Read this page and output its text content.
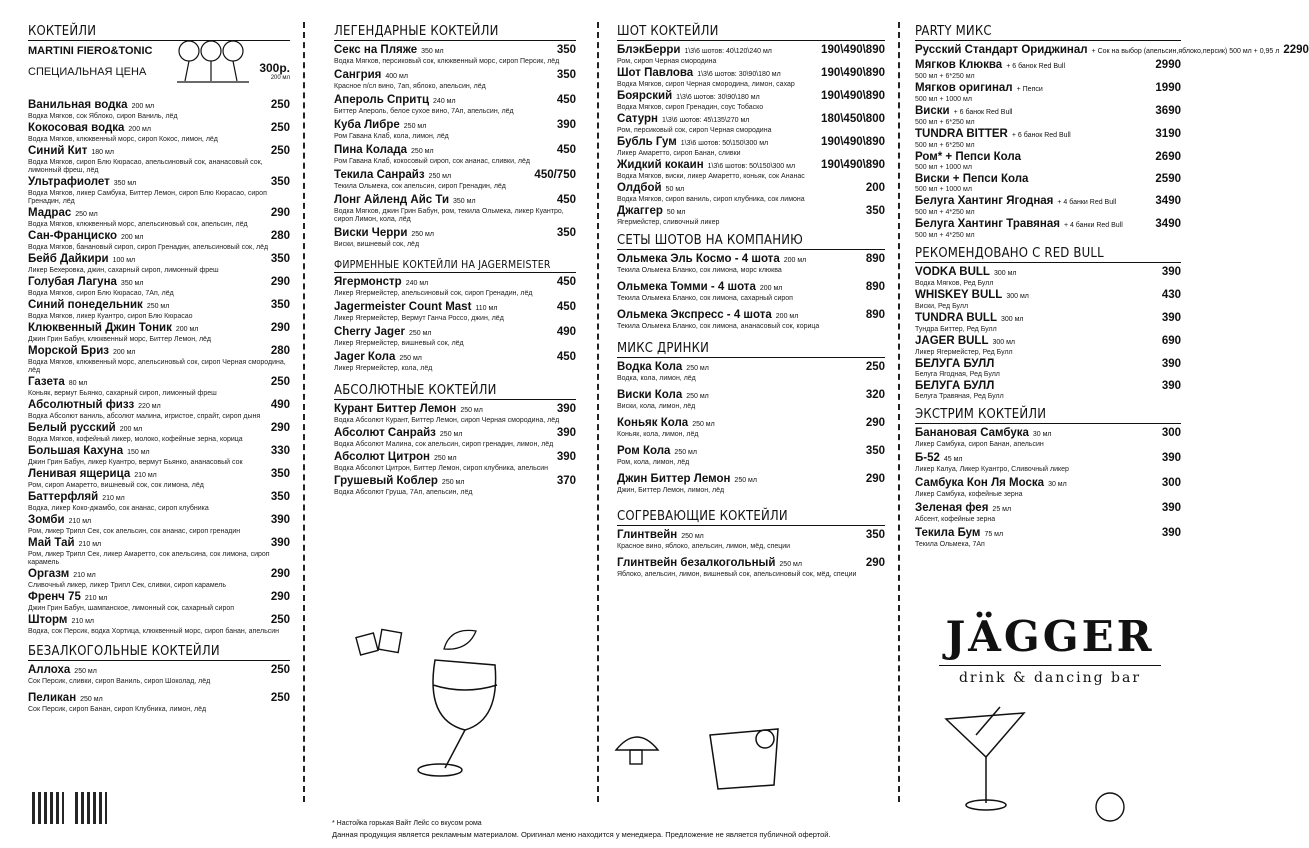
КОКТЕЙЛИ
MARTINI FIERO&TONIC
СПЕЦИАЛЬНАЯ ЦЕНА	300р.
200 мл
Ванильная водка 200 мл	250
Водка Мягков, сок Яблоко, сироп Ваниль, лёд
Кокосовая водка 200 мл	250
Водка Мягков, клюквенный морс, сироп Кокос, лимон, лёд
Синий Кит 180 мл	250
Водка Мягков, сироп Блю Кюрасао, апельсиновый сок, ананасовый сок, лимонный фреш, лёд
Ультрафиолет 350 мл	350
Водка Мягков, ликер Самбука, Биттер Лемон, сироп Блю Кюрасао, сироп Гренадин, лёд
Мадрас 250 мл	290
Водка Мягков, клюквенный морс, апельсиновый сок, апельсин, лёд
Сан-Франциско 200 мл	280
Водка Мягков, банановый сироп, сироп Гренадин, апельсиновый сок, лёд
Бейб Дайкири 100 мл	350
Ликер Бехеровка, джин, сахарный сироп, лимонный фреш
Голубая Лагуна 350 мл	290
Водка Мягков, сироп Блю Кюрасао, 7Ап, лёд
Синий понедельник 250 мл	350
Водка Мягков, ликер Куантро, сироп Блю Кюрасао
Клюквенный Джин Тоник 200 мл	290
Джин Грин Бабун, клюквенный морс, Биттер Лемон, лёд
Морской Бриз 200 мл	280
Водка Мягков, клюквенный морс, апельсиновый сок, сироп Черная смородина, лёд
Газета 80 мл	250
Коньяк, вермут Бьянко, сахарный сироп, лимонный фреш
Абсолютный физз 220 мл	490
Водка Абсолют ваниль, абсолют малина, игристое, спрайт, сироп дыня
Белый русский 200 мл	290
Водка Мягков, кофейный ликер, молоко, кофейные зерна, корица
Большая Кахуна 150 мл	330
Джин Грин Бабун, ликер Куантро, вермут Бьянко, ананасовый сок
Ленивая ящерица 210 мл	350
Ром, сироп Амаретто, вишневый сок, сок лимона, лёд
Баттерфляй 210 мл	350
Водка, ликер Коко-джамбо, сок ананас, сироп клубника
Зомби 210 мл	390
Ром, ликер Трипл Сек, сок апельсин, сок ананас, сироп гренадин
Май Тай 210 мл	390
Ром, ликер Трипл Сек, ликер Амаретто, сок апельсина, сок лимона, сироп карамель
Оргазм 210 мл	290
Сливочный ликер, ликер Трипл Сек, сливки, сироп карамель
Френч 75 210 мл	290
Джин Грин Бабун, шампанское, лимонный сок, сахарный сироп
Шторм 210 мл	250
Водка, сок Персик, водка Хортица, клюквенный морс, сироп банан, апельсин
БЕЗАЛКОГОЛЬНЫЕ КОКТЕЙЛИ
Аллоха 250 мл	250
Сок Персик, сливки, сироп Ваниль, сироп Шоколад, лёд
Пеликан 250 мл	250
Сок Персик, сироп Банан, сироп Клубника, лимон, лёд
ЛЕГЕНДАРНЫЕ КОКТЕЙЛИ
Секс на Пляже 350 мл	350
Водка Мягков, персиковый сок, клюквенный морс, сироп Персик, лёд
Сангрия 400 мл	350
Красное п/сл вино, 7ап, яблоко, апельсин, лёд
Апероль Спритц 240 мл	450
Биттер Апероль, белое сухое вино, 7Ап, апельсин, лёд
Куба Либре 250 мл	390
Ром Гавана Клаб, кола, лимон, лёд
Пина Колада 250 мл	450
Ром Гавана Клаб, кокосовый сироп, сок ананас, сливки, лёд
Текила Санрайз 250 мл	450/750
Текила Ольмека, сок апельсин, сироп Гренадин, лёд
Лонг Айленд Айс Ти 350 мл	450
Водка Мягков, джин Грин Бабун, ром, текила Ольмека, ликер Куантро, сироп Лимон, кола, лёд
Виски Черри 250 мл	350
Виски, вишневый сок, лёд
ФИРМЕННЫЕ КОКТЕЙЛИ НА JAGERMEISTER
Ягермонстр 240 мл	450
Ликер Ягермейстер, апельсиновый сок, сироп Гренадин, лёд
Jagermeister Count Mast 110 мл	450
Ликер Ягермейстер, Вермут Ганча Россо, джин, лёд
Cherry Jager 250 мл	490
Ликер Ягермейстер, вишневый сок, лёд
Jager Кола 250 мл	450
Ликер Ягермейстер, кола, лёд
АБСОЛЮТНЫЕ КОКТЕЙЛИ
Курант Биттер Лемон 250 мл	390
Водка Абсолют Курант, Биттер Лемон, сироп Черная смородина, лёд
Абсолют Санрайз 250 мл	390
Водка Абсолют Малина, сок апельсин, сироп гренадин, лимон, лёд
Абсолют Цитрон 250 мл	390
Водка Абсолют Цитрон, Биттер Лемон, сироп клубника, апельсин
Грушевый Коблер 250 мл	370
Водка Абсолют Груша, 7Ап, апельсин, лёд
ШОТ КОКТЕЙЛИ
БлэкБерри 1\3\6 шотов: 40\120\240 мл	190\490\890
Ром, сироп Черная смородина
Шот Павлова 1\3\6 шотов: 30\90\180 мл	190\490\890
Водка Мягков, сироп Черная смородина, лимон, сахар
Боярский 1\3\6 шотов: 30\90\180 мл	190\490\890
Водка Мягков, сироп Гренадин, соус Тобаско
Сатурн 1\3\6 шотов: 45\135\270 мл	180\450\800
Ром, персиковый сок, сироп Черная смородина
Бубль Гум 1\3\6 шотов: 50\150\300 мл	190\490\890
Ликер Амаретто, сироп Банан, сливки
Жидкий кокаин 1\3\6 шотов: 50\150\300 мл	190\490\890
Водка Мягков, виски, ликер Амаретто, коньяк, сок Ананас
Олдбой 50 мл	200
Водка Мягков, сироп ваниль, сироп клубника, сок лимона
Джаггер 50 мл	350
Ягермейстер, сливочный ликер
СЕТЫ ШОТОВ НА КОМПАНИЮ
Ольмека Эль Космо - 4 шота 200 мл	890
Текила Ольмека Бланко, сок лимона, морс клюква
Ольмека Томми - 4 шота 200 мл	890
Текила Ольмека Бланко, сок лимона, сахарный сироп
Ольмека Экспресс - 4 шота 200 мл	890
Текила Ольмека Бланко, сок лимона, ананасовый сок, корица
МИКС ДРИНКИ
Водка Кола 250 мл	250
Водка, кола, лимон, лёд
Виски Кола 250 мл	320
Виски, кола, лимон, лёд
Коньяк Кола 250 мл	290
Коньяк, кола, лимон, лёд
Ром Кола 250 мл	350
Ром, кола, лимон, лёд
Джин Биттер Лемон 250 мл	290
Джин, Биттер Лемон, лимон, лёд
СОГРЕВАЮЩИЕ КОКТЕЙЛИ
Глинтвейн 250 мл	350
Красное вино, яблоко, апельсин, лимон, мёд, специи
Глинтвейн безалкогольный 250 мл	290
Яблоко, апельсин, лимон, вишневый сок, апельсиновый сок, мёд, специи
PARTY МИКС
Русский Стандарт Ориджинал + Сок на выбор (апельсин,яблоко,персик) 500 мл + 0,95 л 2290
Мягков Клюква + 6 банок Red Bull	2990
500 мл + 6*250 мл
Мягков оригинал + Пепси	1990
500 мл + 1000 мл
Виски + 6 банок Red Bull	3690
500 мл + 6*250 мл
TUNDRA BITTER + 6 банок Red Bull	3190
500 мл + 6*250 мл
Ром* + Пепси Кола	2690
500 мл + 1000 мл
Виски + Пепси Кола	2590
500 мл + 1000 мл
Белуга Хантинг Ягодная + 4 банки Red Bull	3490
500 мл + 4*250 мл
Белуга Хантинг Травяная + 4 банки Red Bull	3490
500 мл + 4*250 мл
РЕКОМЕНДОВАНО С RED BULL
VODKA BULL 300 мл	390
Водка Мягков, Ред Булл
WHISKEY BULL 300 мл	430
Виски, Ред Булл
TUNDRA BULL 300 мл	390
Тундра Биттер, Ред Булл
JAGER BULL 300 мл	690
Ликер Ягермейстер, Ред Булл
БЕЛУГА БУЛЛ	390
Белуга Ягодная, Ред Булл
БЕЛУГА БУЛЛ	390
Белуга Травяная, Ред Булл
ЭКСТРИМ КОКТЕЙЛИ
Банановая Самбука 30 мл	300
Ликер Самбука, сироп Банан, апельсин
Б-52 45 мл	390
Ликер Калуа, Ликер Куантро, Сливочный ликер
Самбука Кон Ля Моска 30 мл	300
Ликер Самбука, кофейные зерна
Зеленая фея 25 мл	390
Абсент, кофейные зерна
Текила Бум 75 мл	390
Текила Ольмека, 7Ап
JÄGGER
drink & dancing bar
* Настойка горькая Вайт Лейс со вкусом рома
Данная продукция является рекламным материалом. Оригинал меню находится у менеджера. Предложение не является публичной офертой.
